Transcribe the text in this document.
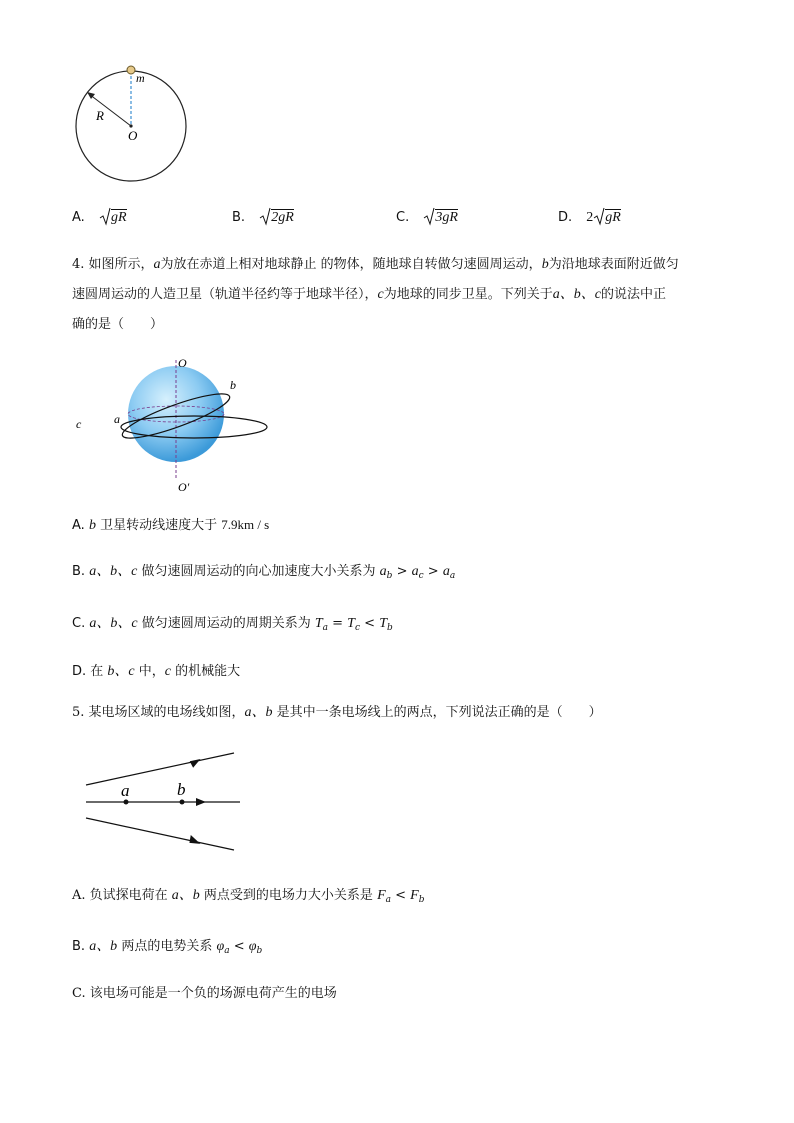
m
R
O
A. gR	B. 2gR	C. 3gR	D. 2 gR
4. 如图所示，a为放在赤道上相对地球静止 的物体，随地球自转做匀速圆周运动，b为沿地球表面附近做匀
速圆周运动的人造卫星（轨道半径约等于地球半径），c为地球的同步卫星。下列关于a、b、c的说法中正
确的是（　　）
O
O′
b
a
c
A. b 卫星转动线速度大于 7.9km / s
B. a、b、c 做匀速圆周运动的向心加速度大小关系为 $a_b > a_c > a_a$
C. a、b、c 做匀速圆周运动的周期关系为 $T_a = T_c < T_b$
D. 在 b、c 中，c 的机械能大
5. 某电场区域的电场线如图，a、b 是其中一条电场线上的两点，下列说法正确的是（　　）
a	b
A. 负试探电荷在 a、b 两点受到的电场力大小关系是 $F_a < F_b$
B. a、b 两点的电势关系 $\varphi_a < \varphi_b$
C. 该电场可能是一个负的场源电荷产生的电场
